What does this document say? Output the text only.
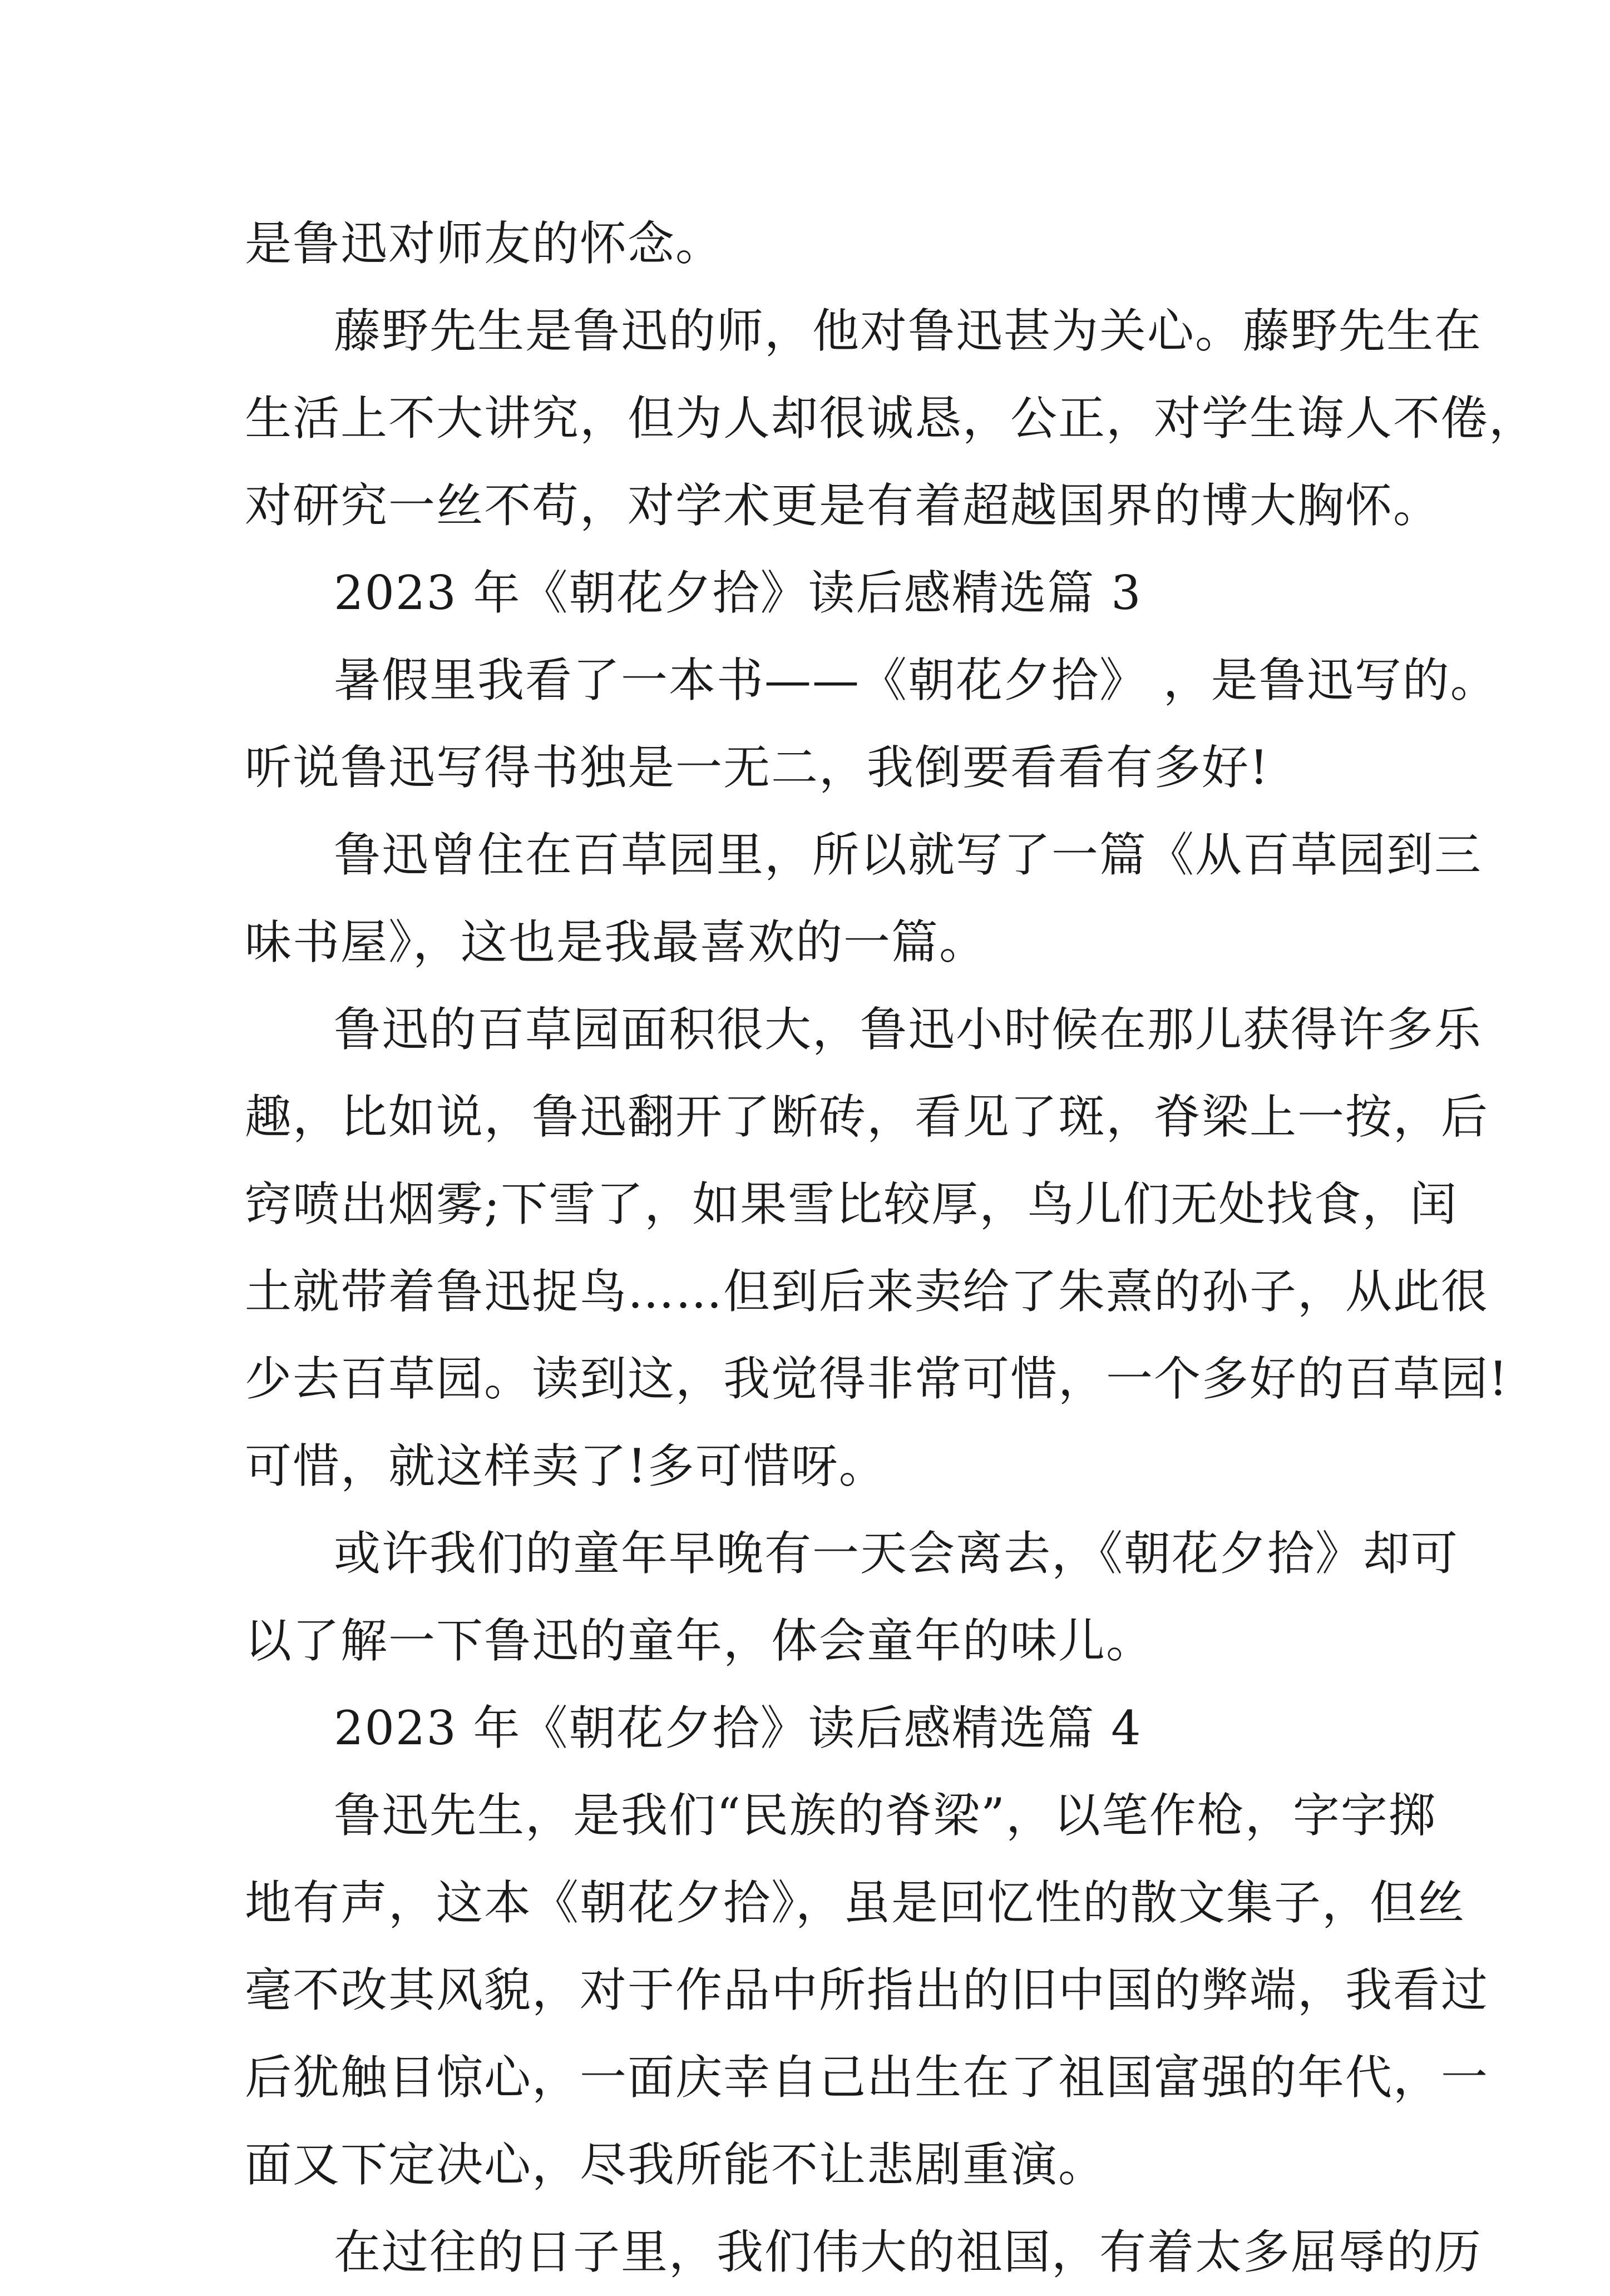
是鲁迅对师友的怀念。
藤野先生是鲁迅的师，他对鲁迅甚为关心。藤野先生在
生活上不大讲究，但为人却很诚恳，公正，对学生诲人不倦，
对研究一丝不苟，对学术更是有着超越国界的博大胸怀。
2023 年《朝花夕拾》读后感精选篇 3
暑假里我看了一本书——《朝花夕拾》 ，是鲁迅写的。
听说鲁迅写得书独是一无二，我倒要看看有多好!
鲁迅曾住在百草园里，所以就写了一篇《从百草园到三
味书屋》，这也是我最喜欢的一篇。
鲁迅的百草园面积很大，鲁迅小时候在那儿获得许多乐
趣，比如说，鲁迅翻开了断砖，看见了斑，脊梁上一按，后
窍喷出烟雾;下雪了，如果雪比较厚，鸟儿们无处找食，闰
土就带着鲁迅捉鸟……但到后来卖给了朱熹的孙子，从此很
少去百草园。读到这，我觉得非常可惜，一个多好的百草园!
可惜，就这样卖了!多可惜呀。
或许我们的童年早晚有一天会离去，《朝花夕拾》却可
以了解一下鲁迅的童年，体会童年的味儿。
2023 年《朝花夕拾》读后感精选篇 4
鲁迅先生，是我们“民族的脊梁”，以笔作枪，字字掷
地有声，这本《朝花夕拾》，虽是回忆性的散文集子，但丝
毫不改其风貌，对于作品中所指出的旧中国的弊端，我看过
后犹触目惊心，一面庆幸自己出生在了祖国富强的年代，一
面又下定决心，尽我所能不让悲剧重演。
在过往的日子里，我们伟大的祖国，有着太多屈辱的历
